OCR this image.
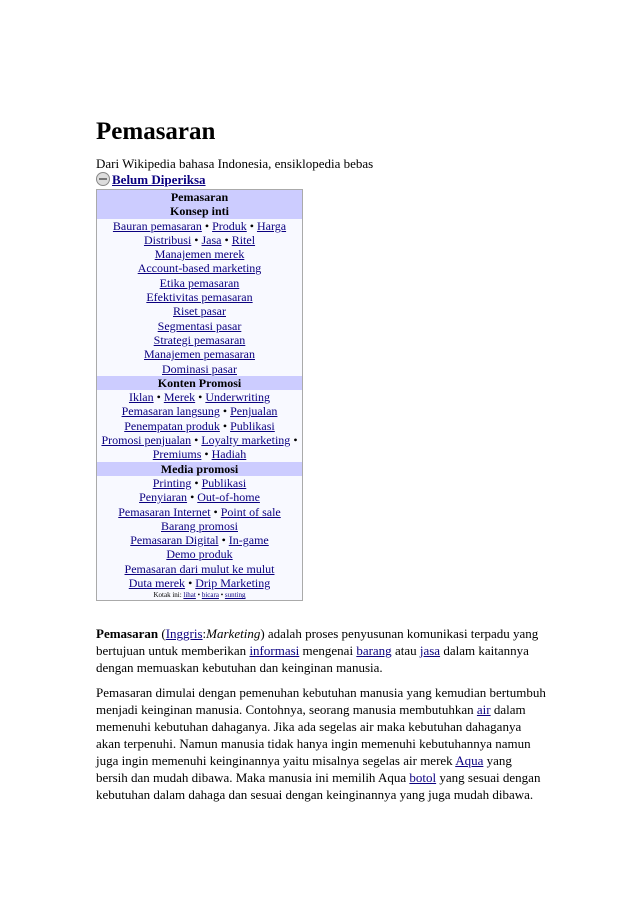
Pemasaran
Dari Wikipedia bahasa Indonesia, ensiklopedia bebas
Belum Diperiksa
Pemasaran
Konsep inti
Bauran pemasaran • Produk • Harga
Distribusi • Jasa • Ritel
Manajemen merek
Account-based marketing
Etika pemasaran
Efektivitas pemasaran
Riset pasar
Segmentasi pasar
Strategi pemasaran
Manajemen pemasaran
Dominasi pasar
Konten Promosi
Iklan • Merek • Underwriting
Pemasaran langsung • Penjualan
Penempatan produk • Publikasi
Promosi penjualan • Loyalty marketing •
Premiums • Hadiah
Media promosi
Printing • Publikasi
Penyiaran • Out-of-home
Pemasaran Internet • Point of sale
Barang promosi
Pemasaran Digital • In-game
Demo produk
Pemasaran dari mulut ke mulut
Duta merek • Drip Marketing
Kotak ini: lihat • bicara • sunting
Pemasaran (Inggris:Marketing) adalah proses penyusunan komunikasi terpadu yang
bertujuan untuk memberikan informasi mengenai barang atau jasa dalam kaitannya
dengan memuaskan kebutuhan dan keinginan manusia.
Pemasaran dimulai dengan pemenuhan kebutuhan manusia yang kemudian bertumbuh
menjadi keinginan manusia. Contohnya, seorang manusia membutuhkan air dalam
memenuhi kebutuhan dahaganya. Jika ada segelas air maka kebutuhan dahaganya
akan terpenuhi. Namun manusia tidak hanya ingin memenuhi kebutuhannya namun
juga ingin memenuhi keinginannya yaitu misalnya segelas air merek Aqua yang
bersih dan mudah dibawa. Maka manusia ini memilih Aqua botol yang sesuai dengan
kebutuhan dalam dahaga dan sesuai dengan keinginannya yang juga mudah dibawa.
